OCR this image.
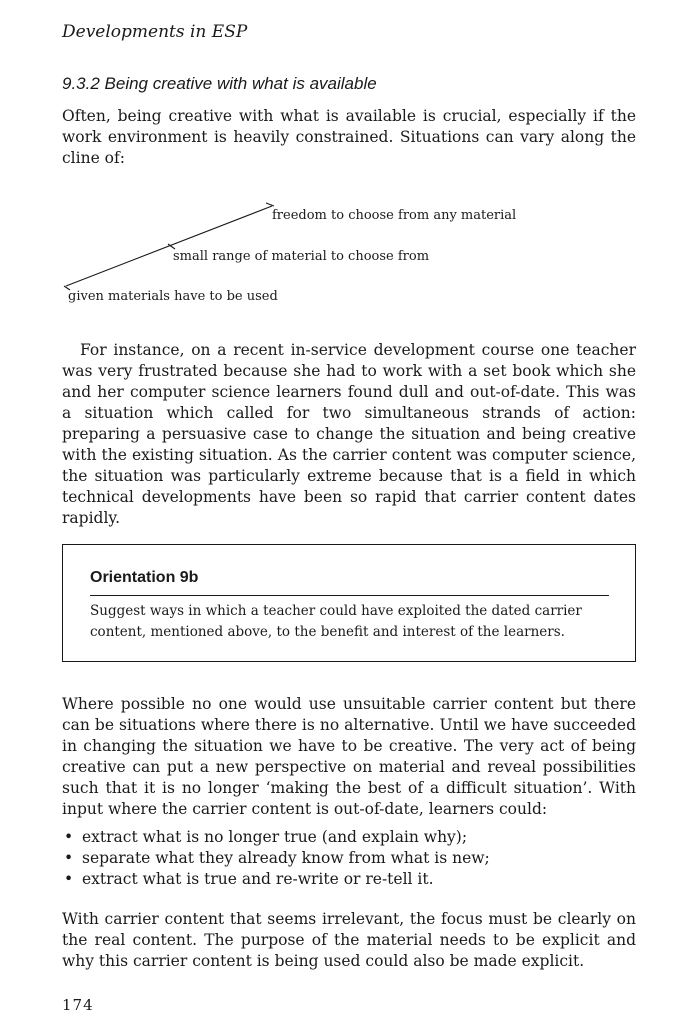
Developments in ESP
9.3.2 Being creative with what is available

Often, being creative with what is available is crucial, especially if the work environment is heavily constrained. Situations can vary along the cline of:

freedom to choose from any material
small range of material to choose from
given materials have to be used

For instance, on a recent in-service development course one teacher was very frustrated because she had to work with a set book which she and her computer science learners found dull and out-of-date. This was a situation which called for two simultaneous strands of action: preparing a persuasive case to change the situation and being creative with the existing situation. As the carrier content was computer science, the situation was particularly extreme because that is a field in which technical developments have been so rapid that carrier content dates rapidly.

Orientation 9b

Suggest ways in which a teacher could have exploited the dated carrier content, mentioned above, to the benefit and interest of the learners.

Where possible no one would use unsuitable carrier content but there can be situations where there is no alternative. Until we have succeeded in changing the situation we have to be creative. The very act of being creative can put a new perspective on material and reveal possibilities such that it is no longer ‘making the best of a difficult situation’. With input where the carrier content is out-of-date, learners could:

• extract what is no longer true (and explain why);
• separate what they already know from what is new;
• extract what is true and re-write or re-tell it.

With carrier content that seems irrelevant, the focus must be clearly on the real content. The purpose of the material needs to be explicit and why this carrier content is being used could also be made explicit.

174
